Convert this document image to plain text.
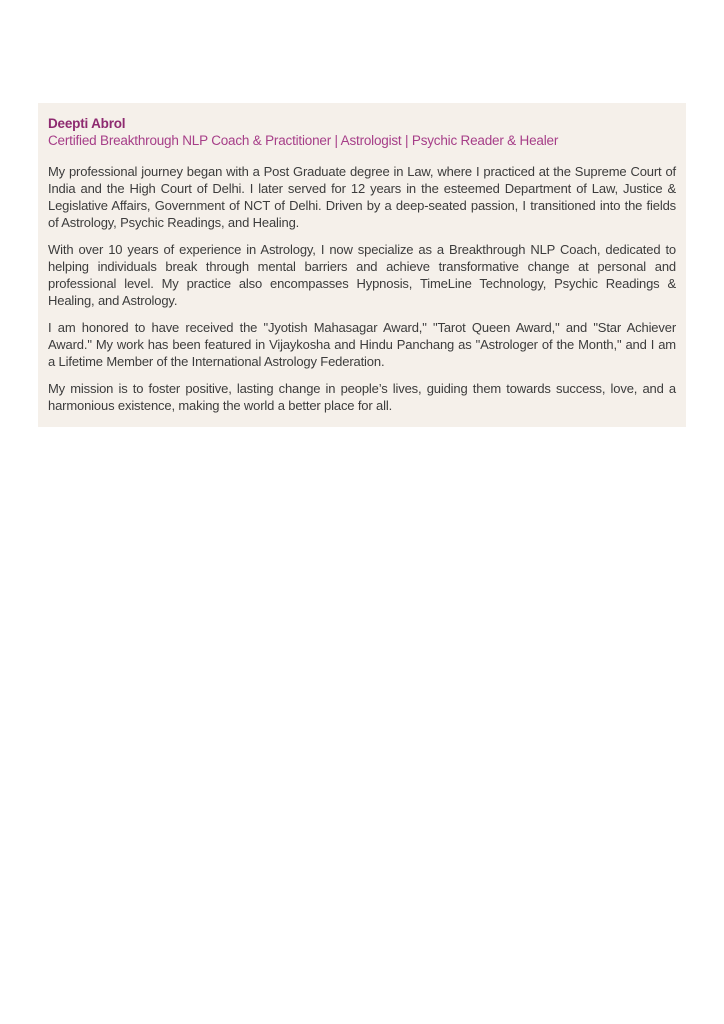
Deepti Abrol
Certified Breakthrough NLP Coach & Practitioner | Astrologist | Psychic Reader & Healer

My professional journey began with a Post Graduate degree in Law, where I practiced at the Supreme Court of India and the High Court of Delhi. I later served for 12 years in the esteemed Department of Law, Justice & Legislative Affairs, Government of NCT of Delhi. Driven by a deep-seated passion, I transitioned into the fields of Astrology, Psychic Readings, and Healing.

With over 10 years of experience in Astrology, I now specialize as a Breakthrough NLP Coach, dedicated to helping individuals break through mental barriers and achieve transformative change at personal and professional level. My practice also encompasses Hypnosis, TimeLine Technology, Psychic Readings & Healing, and Astrology.

I am honored to have received the "Jyotish Mahasagar Award," "Tarot Queen Award," and "Star Achiever Award." My work has been featured in Vijaykosha and Hindu Panchang as "Astrologer of the Month," and I am a Lifetime Member of the International Astrology Federation.

My mission is to foster positive, lasting change in people’s lives, guiding them towards success, love, and a harmonious existence, making the world a better place for all.
